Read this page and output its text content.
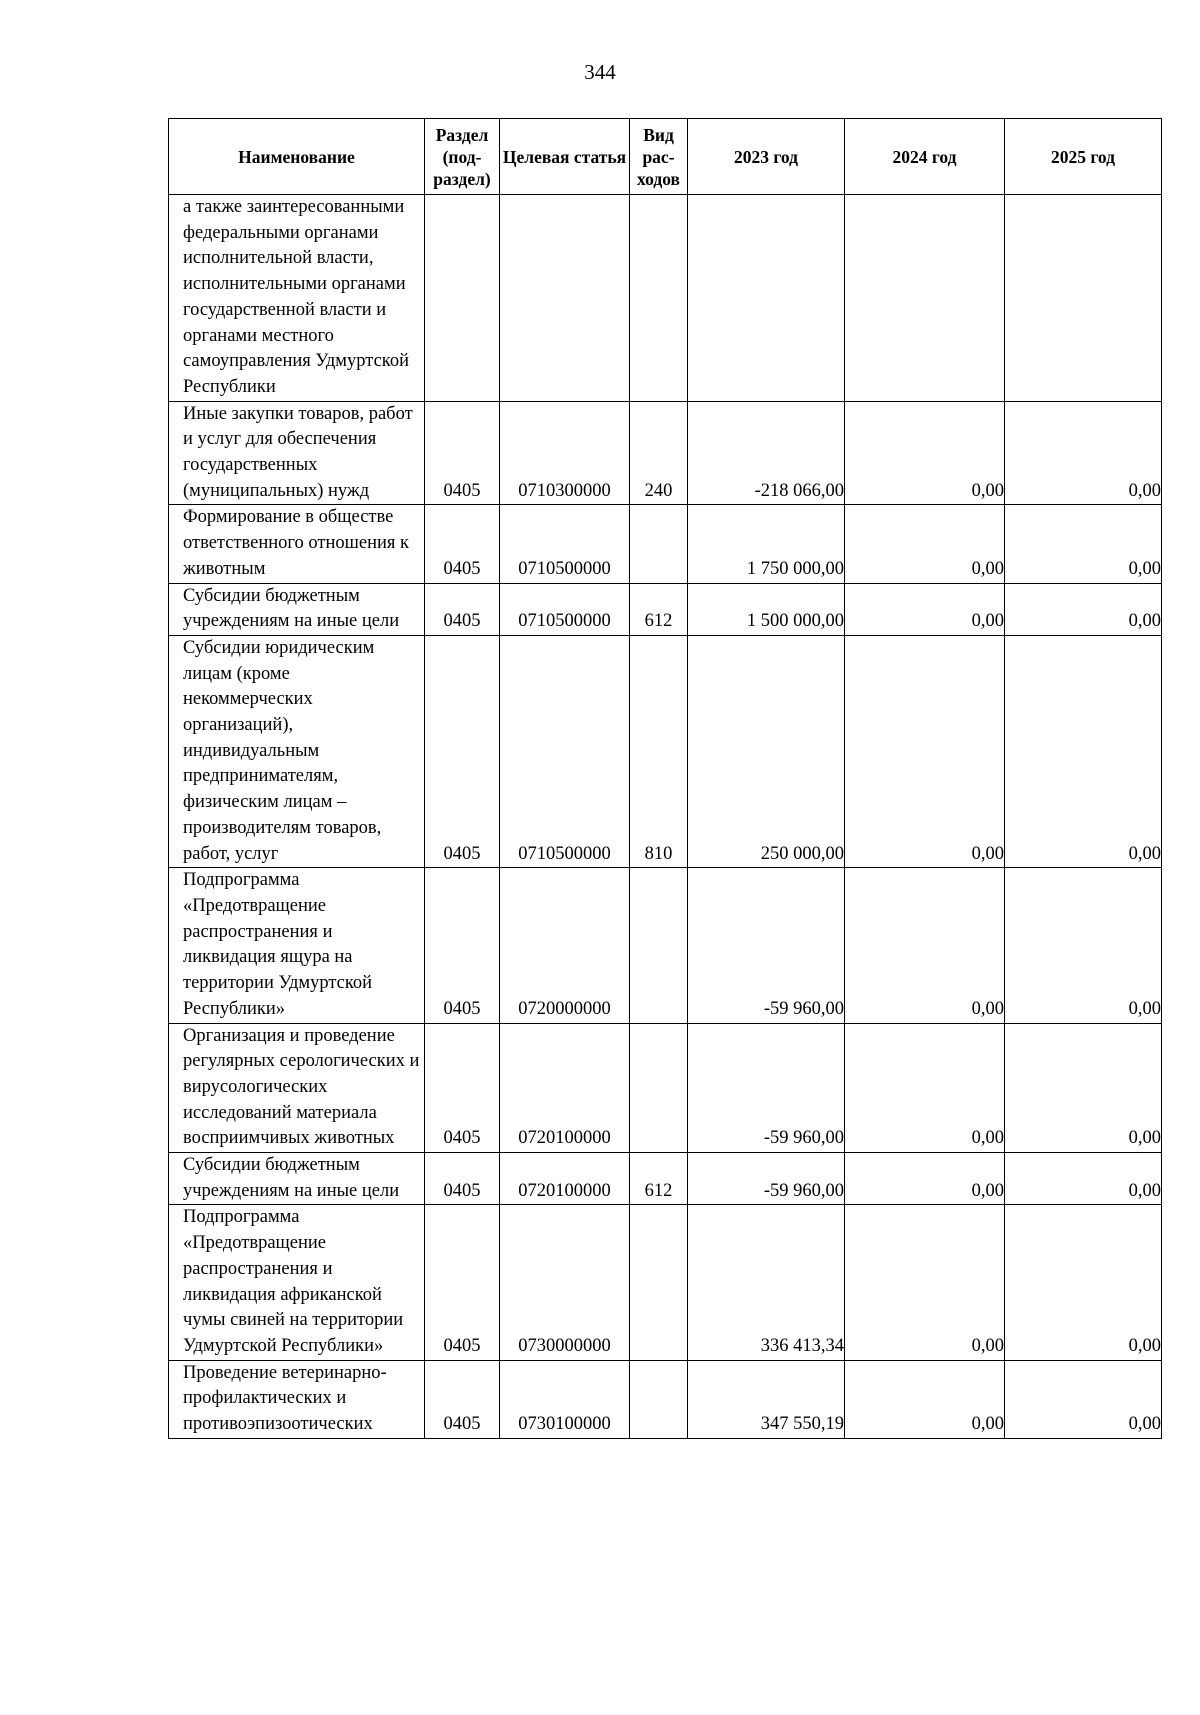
344
Наименование	Раздел (под-раздел)	Целевая статья	Вид рас-ходов	2023 год	2024 год	2025 год
а также заинтересованными федеральными органами исполнительной власти, исполнительными органами государственной власти и органами местного самоуправления Удмуртской Республики						
Иные закупки товаров, работ и услуг для обеспечения государственных (муниципальных) нужд	0405	0710300000	240	-218 066,00	0,00	0,00
Формирование в обществе ответственного отношения к животным	0405	0710500000		1 750 000,00	0,00	0,00
Субсидии бюджетным учреждениям на иные цели	0405	0710500000	612	1 500 000,00	0,00	0,00
Субсидии юридическим лицам (кроме некоммерческих организаций), индивидуальным предпринимателям, физическим лицам – производителям товаров, работ, услуг	0405	0710500000	810	250 000,00	0,00	0,00
Подпрограмма «Предотвращение распространения и ликвидация ящура на территории Удмуртской Республики»	0405	0720000000		-59 960,00	0,00	0,00
Организация и проведение регулярных серологических и вирусологических исследований материала восприимчивых животных	0405	0720100000		-59 960,00	0,00	0,00
Субсидии бюджетным учреждениям на иные цели	0405	0720100000	612	-59 960,00	0,00	0,00
Подпрограмма «Предотвращение распространения и ликвидация африканской чумы свиней на территории Удмуртской Республики»	0405	0730000000		336 413,34	0,00	0,00
Проведение ветеринарно-профилактических и противоэпизоотических	0405	0730100000		347 550,19	0,00	0,00
